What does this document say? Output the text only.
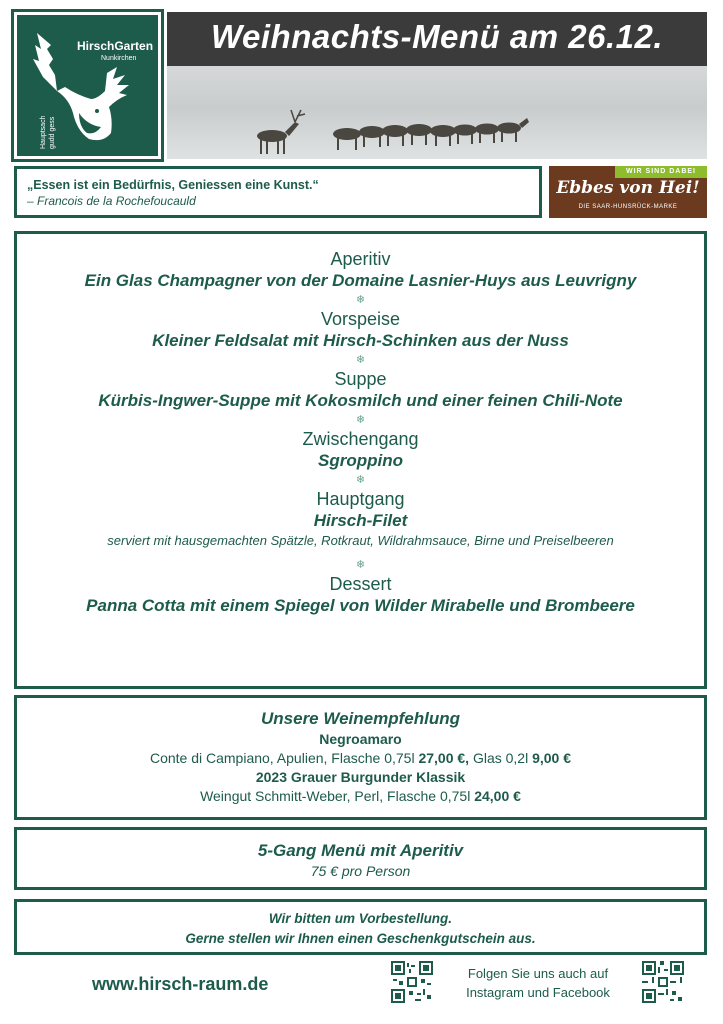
HirschGarten
Nunkirchen
Hauptsach gudd gess
Weihnachts-Menü am 26.12.
„Essen ist ein Bedürfnis, Geniessen eine Kunst.“
– Francois de la Rochefoucauld
WIR SIND DABEI
Ebbes von Hei!
DIE SAAR-HUNSRÜCK-MARKE
Aperitiv
Ein Glas Champagner von der Domaine Lasnier-Huys aus Leuvrigny
❄
Vorspeise
Kleiner Feldsalat mit Hirsch-Schinken aus der Nuss
❄
Suppe
Kürbis-Ingwer-Suppe mit Kokosmilch und einer feinen Chili-Note
❄
Zwischengang
Sgroppino
❄
Hauptgang
Hirsch-Filet
serviert mit hausgemachten Spätzle, Rotkraut, Wildrahmsauce, Birne und Preiselbeeren
❄
Dessert
Panna Cotta mit einem Spiegel von Wilder Mirabelle und Brombeere
Unsere Weinempfehlung
Negroamaro
Conte di Campiano, Apulien, Flasche 0,75l 27,00 €, Glas 0,2l 9,00 €
2023 Grauer Burgunder Klassik
Weingut Schmitt-Weber, Perl, Flasche 0,75l 24,00 €
5-Gang Menü mit Aperitiv
75 € pro Person
Wir bitten um Vorbestellung.
Gerne stellen wir Ihnen einen Geschenkgutschein aus.
www.hirsch-raum.de
Folgen Sie uns auch auf
Instagram und Facebook
